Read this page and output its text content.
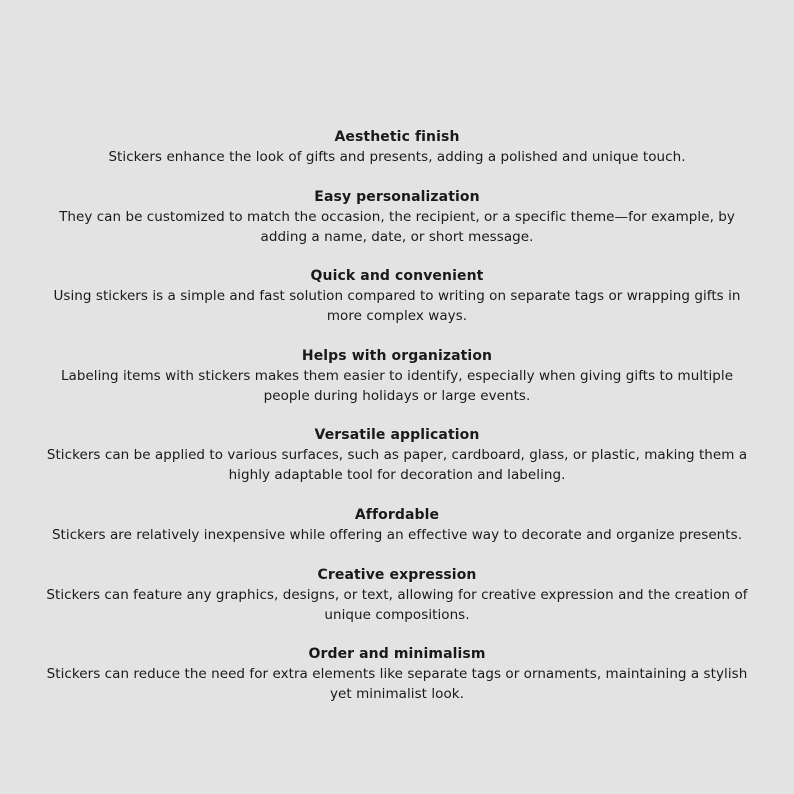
Aesthetic finish
Stickers enhance the look of gifts and presents, adding a polished and unique touch.
Easy personalization
They can be customized to match the occasion, the recipient, or a specific theme—for example, by adding a name, date, or short message.
Quick and convenient
Using stickers is a simple and fast solution compared to writing on separate tags or wrapping gifts in more complex ways.
Helps with organization
Labeling items with stickers makes them easier to identify, especially when giving gifts to multiple people during holidays or large events.
Versatile application
Stickers can be applied to various surfaces, such as paper, cardboard, glass, or plastic, making them a highly adaptable tool for decoration and labeling.
Affordable
Stickers are relatively inexpensive while offering an effective way to decorate and organize presents.
Creative expression
Stickers can feature any graphics, designs, or text, allowing for creative expression and the creation of unique compositions.
Order and minimalism
Stickers can reduce the need for extra elements like separate tags or ornaments, maintaining a stylish yet minimalist look.
